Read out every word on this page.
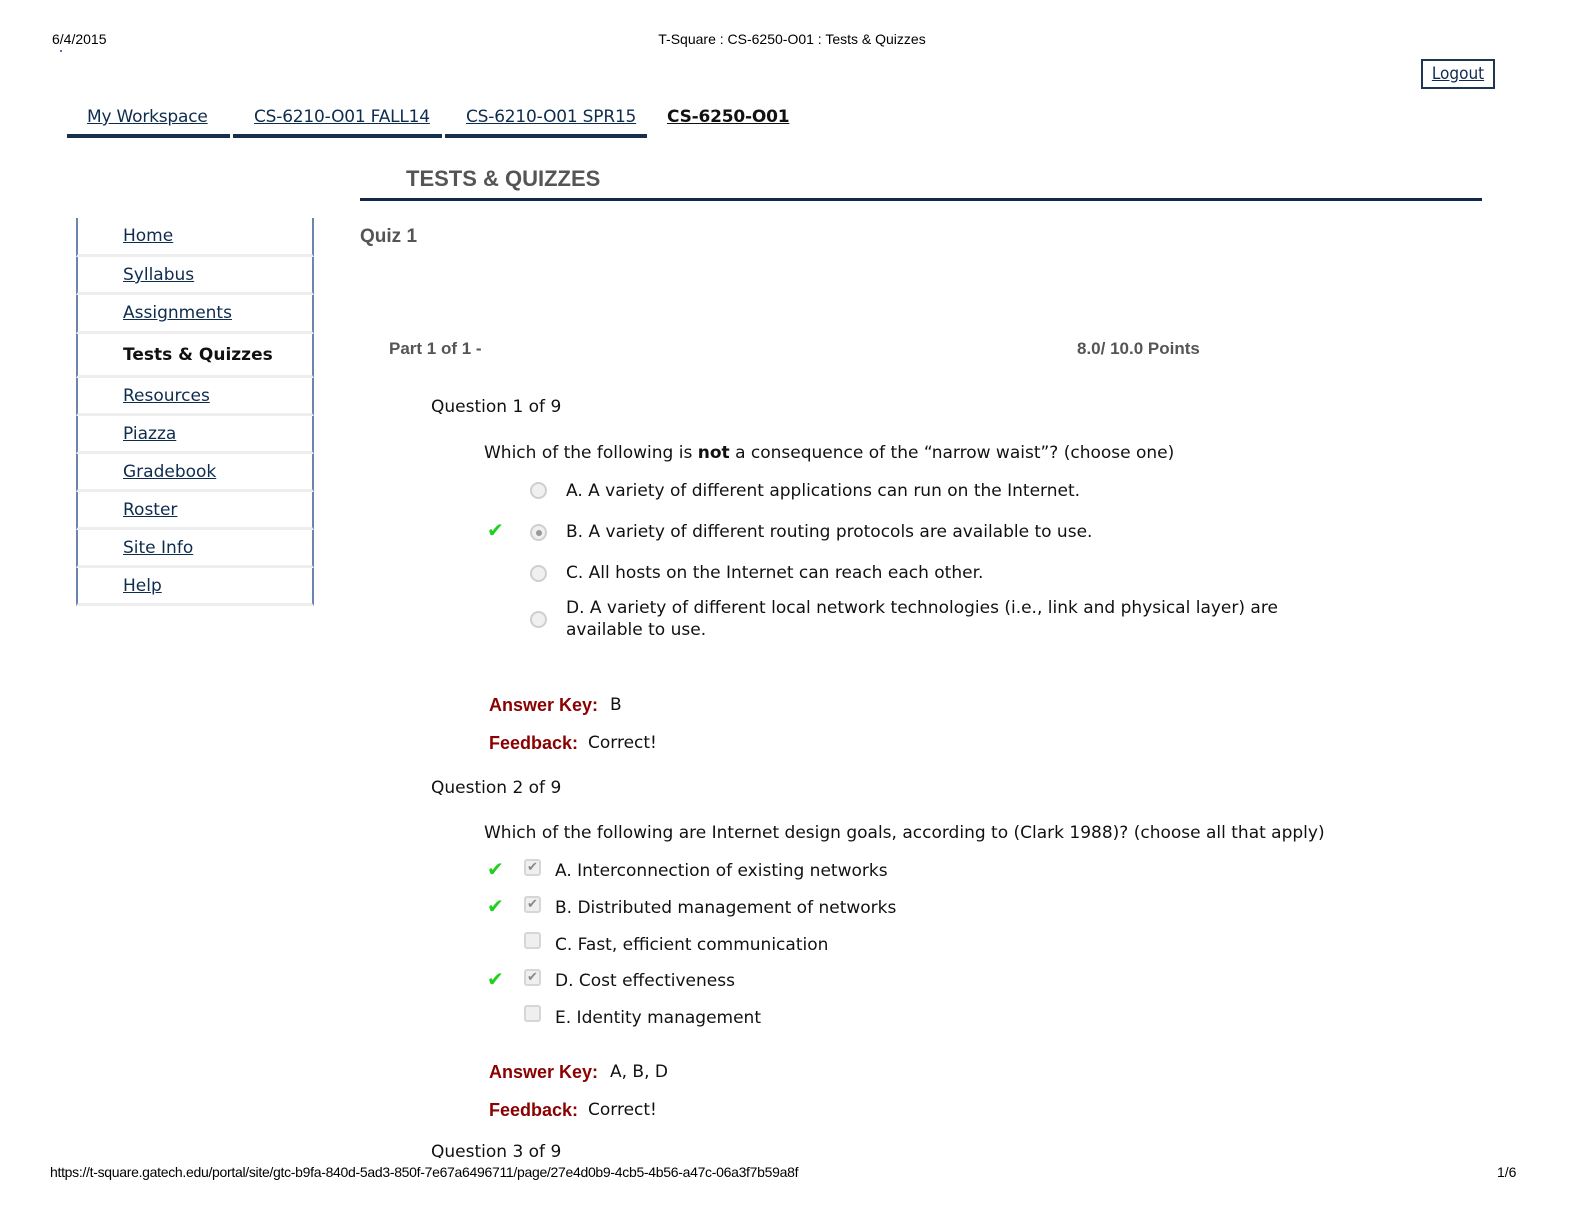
6/4/2015	T-Square : CS-6250-O01 : Tests & Quizzes
Logout
My Workspace	CS-6210-O01 FALL14 CS-6210-O01 SPR15 CS-6250-O01
TESTS & QUIZZES
Home
Syllabus
Assignments
Tests & Quizzes
Resources
Piazza
Gradebook
Roster
Site Info
Help
Quiz 1
Part 1 of 1 -	8.0/ 10.0 Points
Question 1 of 9
Which of the following is not a consequence of the “narrow waist”? (choose one)
A. A variety of different applications can run on the Internet.
✔	B. A variety of different routing protocols are available to use.
C. All hosts on the Internet can reach each other.
D. A variety of different local network technologies (i.e., link and physical layer) are available to use.
Answer Key: B
Feedback: Correct!
Question 2 of 9
Which of the following are Internet design goals, according to (Clark 1988)? (choose all that apply)
✔ ✔ A. Interconnection of existing networks
✔ ✔ B. Distributed management of networks
C. Fast, efficient communication
✔ ✔ D. Cost effectiveness
E. Identity management
Answer Key: A, B, D
Feedback: Correct!
Question 3 of 9
https://t-square.gatech.edu/portal/site/gtc-b9fa-840d-5ad3-850f-7e67a6496711/page/27e4d0b9-4cb5-4b56-a47c-06a3f7b59a8f	1/6
